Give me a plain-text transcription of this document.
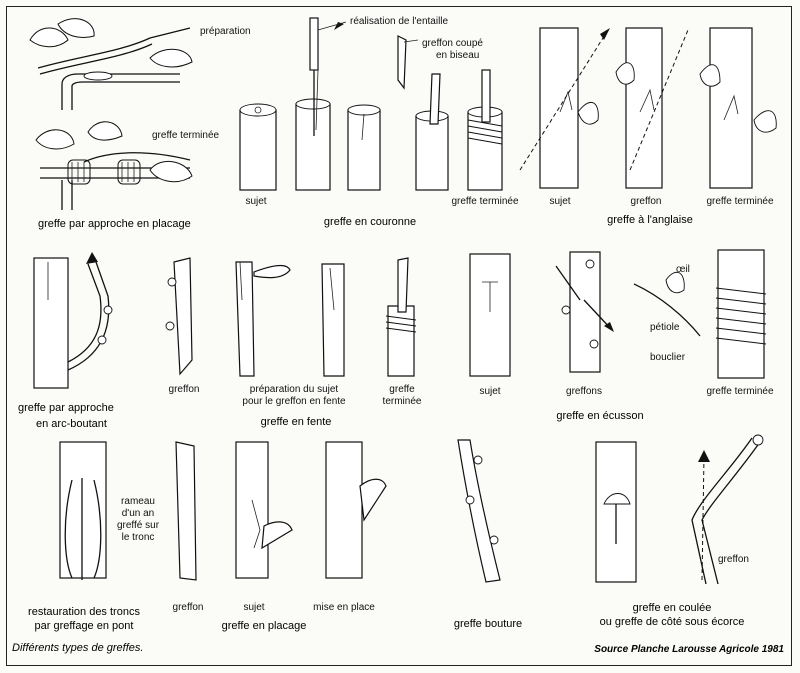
préparation
greffe terminée
greffe par approche en placage
réalisation de l'entaille
greffon coupé
en biseau
sujet
greffe en couronne
greffe terminée	sujet	greffon	greffe terminée
greffe à l'anglaise
greffe par approche
en arc-boutant
greffon	préparation du sujet
pour le greffon en fente
greffe
terminée
greffe en fente
sujet	greffons
greffe en écusson
œil
pétiole
bouclier
greffe terminée
rameau
d'un an
greffé sur
le tronc
restauration des troncs
par greffage en pont
greffon	sujet	mise en place
greffe en placage	greffe bouture
greffon
greffe en coulée
ou greffe de côté sous écorce
Différents types de greffes.	Source Planche Larousse Agricole 1981
